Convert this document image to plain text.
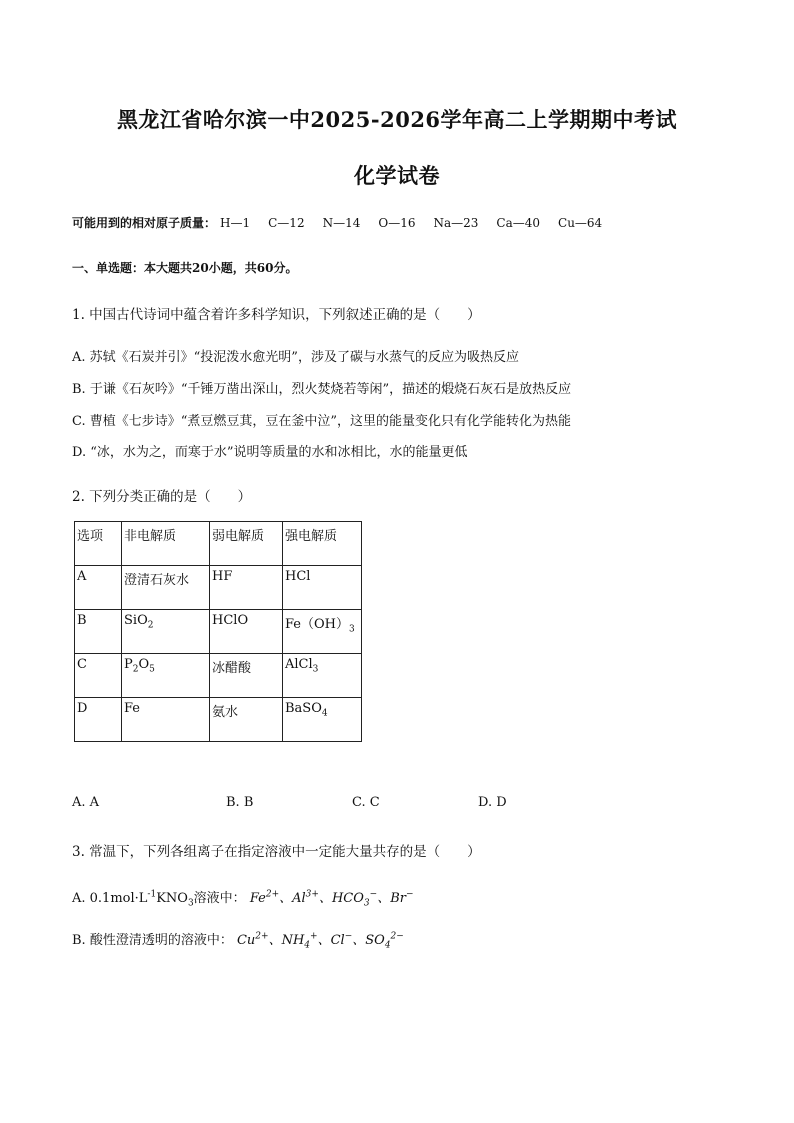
黑龙江省哈尔滨一中2025-2026学年高二上学期期中考试
化学试卷
可能用到的相对原子质量： H—1 C—12 N—14 O—16 Na—23 Ca—40 Cu—64
一、单选题：本大题共20小题，共60分。
1. 中国古代诗词中蕴含着许多科学知识，下列叙述正确的是（　　）
A. 苏轼《石炭并引》“投泥泼水愈光明”，涉及了碳与水蒸气的反应为吸热反应
B. 于谦《石灰吟》“千锤万凿出深山，烈火焚烧若等闲”，描述的煅烧石灰石是放热反应
C. 曹植《七步诗》“煮豆燃豆萁，豆在釜中泣”，这里的能量变化只有化学能转化为热能
D. “冰，水为之，而寒于水”说明等质量的水和冰相比，水的能量更低
2. 下列分类正确的是（　　）
选项	非电解质	弱电解质	强电解质
A	澄清石灰水	HF	HCl
B	SiO$_2$	HClO	$Fe(OH)_3$
C	$P_2O_5$	冰醋酸	AlCl$_3$
D	Fe	氨水	BaSO$_4$
A. A	B. B	C. C	D. D
3. 常温下，下列各组离子在指定溶液中一定能大量共存的是（　　）
A. $0.1mol\cdot L^{-1}KNO_3$溶液中： $Fe^{2+}$、$Al^{3+}$、$HCO_3^-$、Br−
B. 酸性澄清透明的溶液中： $Cu^{2+}$、$NH_4^+$、Cl−、$SO_4^{2-}$
